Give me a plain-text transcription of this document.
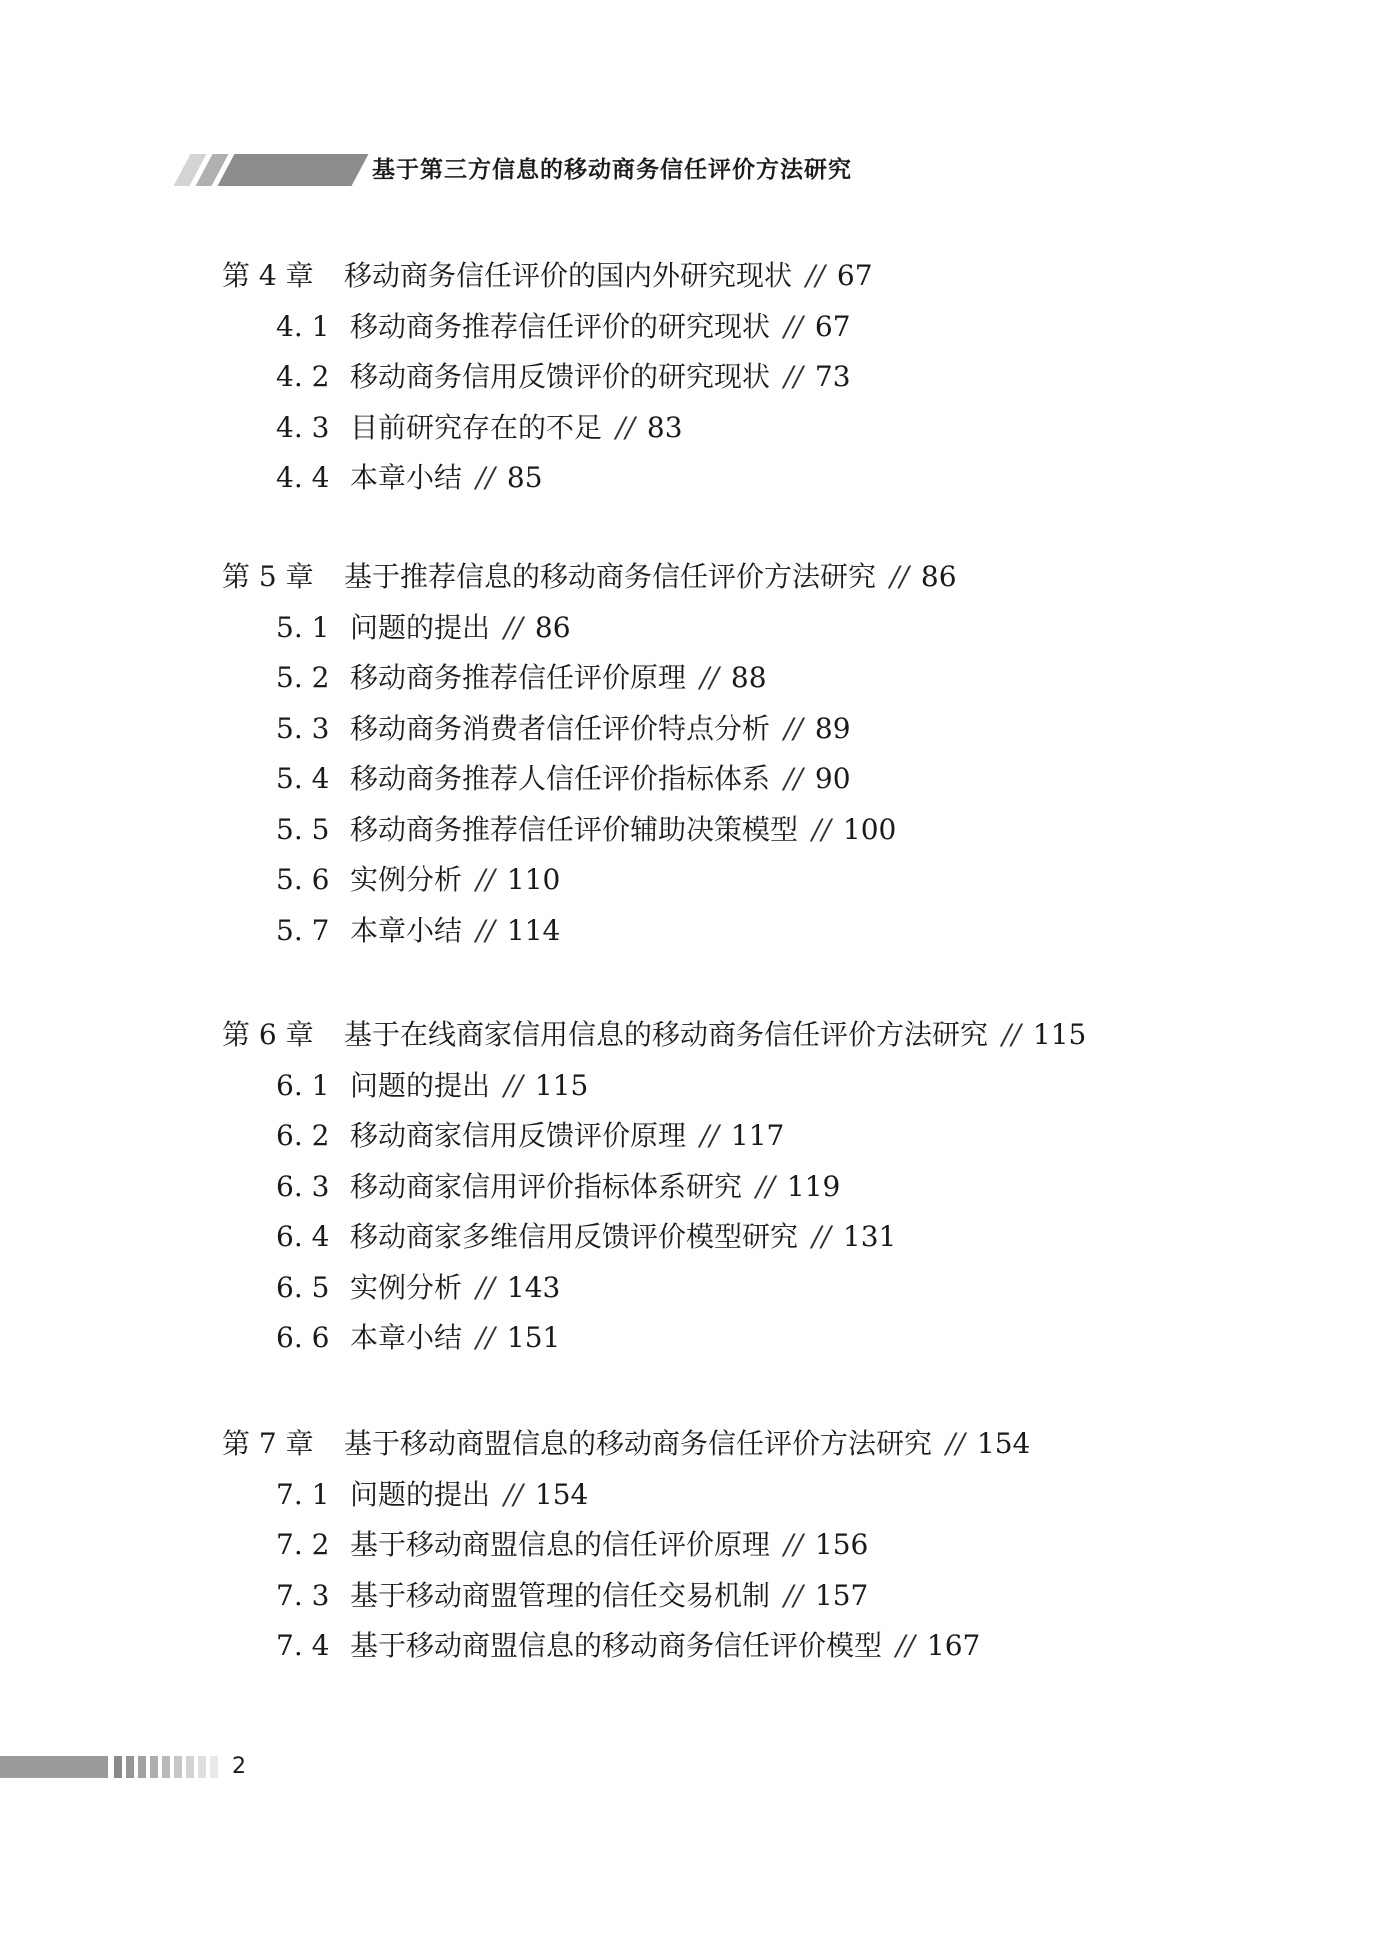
基于第三方信息的移动商务信任评价方法研究
第 4 章 移动商务信任评价的国内外研究现状 // 67
4. 1 移动商务推荐信任评价的研究现状 // 67
4. 2 移动商务信用反馈评价的研究现状 // 73
4. 3 目前研究存在的不足 // 83
4. 4 本章小结 // 85
第 5 章 基于推荐信息的移动商务信任评价方法研究 // 86
5. 1 问题的提出 // 86
5. 2 移动商务推荐信任评价原理 // 88
5. 3 移动商务消费者信任评价特点分析 // 89
5. 4 移动商务推荐人信任评价指标体系 // 90
5. 5 移动商务推荐信任评价辅助决策模型 // 100
5. 6 实例分析 // 110
5. 7 本章小结 // 114
第 6 章 基于在线商家信用信息的移动商务信任评价方法研究 // 115
6. 1 问题的提出 // 115
6. 2 移动商家信用反馈评价原理 // 117
6. 3 移动商家信用评价指标体系研究 // 119
6. 4 移动商家多维信用反馈评价模型研究 // 131
6. 5 实例分析 // 143
6. 6 本章小结 // 151
第 7 章 基于移动商盟信息的移动商务信任评价方法研究 // 154
7. 1 问题的提出 // 154
7. 2 基于移动商盟信息的信任评价原理 // 156
7. 3 基于移动商盟管理的信任交易机制 // 157
7. 4 基于移动商盟信息的移动商务信任评价模型 // 167
2
